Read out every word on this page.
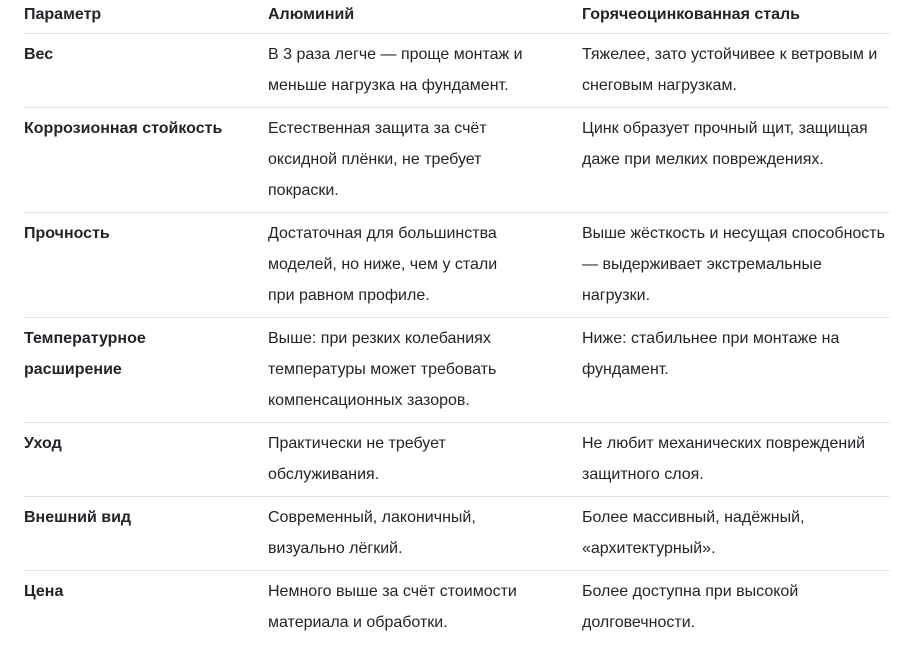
Параметр	Алюминий	Горячеоцинкованная сталь
Вес	В 3 раза легче — проще монтаж и меньше нагрузка на фундамент.	Тяжелее, зато устойчивее к ветровым и снеговым нагрузкам.
Коррозионная стойкость	Естественная защита за счёт оксидной плёнки, не требует покраски.	Цинк образует прочный щит, защищая даже при мелких повреждениях.
Прочность	Достаточная для большинства моделей, но ниже, чем у стали при равном профиле.	Выше жёсткость и несущая способность — выдерживает экстремальные нагрузки.
Температурное расширение	Выше: при резких колебаниях температуры может требовать компенсационных зазоров.	Ниже: стабильнее при монтаже на фундамент.
Уход	Практически не требует обслуживания.	Не любит механических повреждений защитного слоя.
Внешний вид	Современный, лаконичный, визуально лёгкий.	Более массивный, надёжный, «архитектурный».
Цена	Немного выше за счёт стоимости материала и обработки.	Более доступна при высокой долговечности.
